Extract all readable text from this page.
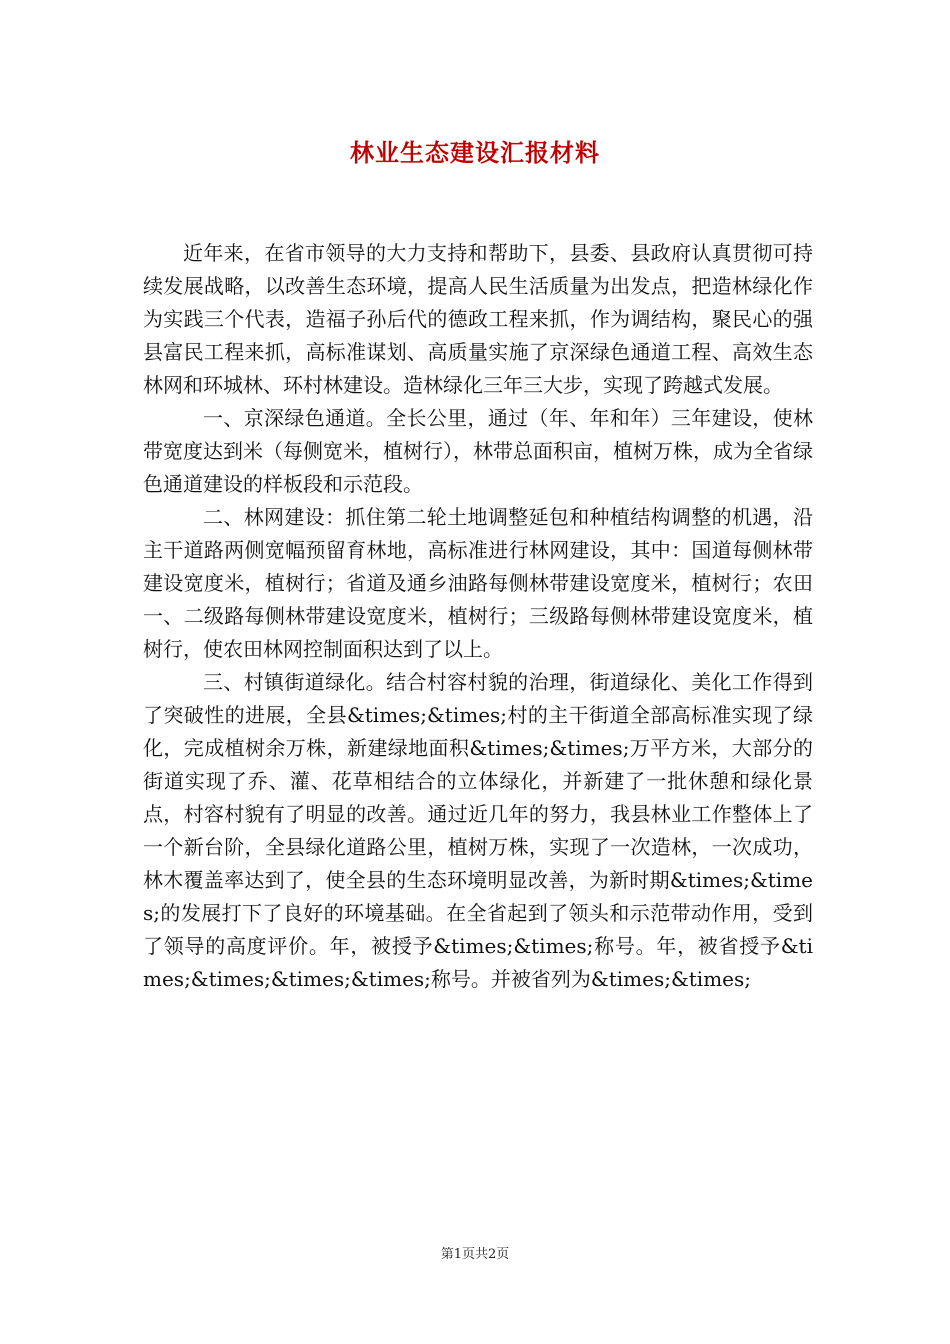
林业生态建设汇报材料

近年来，在省市领导的大力支持和帮助下，县委、县政府认真贯彻可持续发展战略，以改善生态环境，提高人民生活质量为出发点，把造林绿化作为实践三个代表，造福子孙后代的德政工程来抓，作为调结构，聚民心的强县富民工程来抓，高标准谋划、高质量实施了京深绿色通道工程、高效生态林网和环城林、环村林建设。造林绿化三年三大步，实现了跨越式发展。

一、京深绿色通道。全长公里，通过（年、年和年）三年建设，使林带宽度达到米（每侧宽米，植树行），林带总面积亩，植树万株，成为全省绿色通道建设的样板段和示范段。

二、林网建设：抓住第二轮土地调整延包和种植结构调整的机遇，沿主干道路两侧宽幅预留育林地，高标准进行林网建设，其中：国道每侧林带建设宽度米，植树行；省道及通乡油路每侧林带建设宽度米，植树行；农田一、二级路每侧林带建设宽度米，植树行；三级路每侧林带建设宽度米，植树行，使农田林网控制面积达到了以上。

三、村镇街道绿化。结合村容村貌的治理，街道绿化、美化工作得到了突破性的进展，全县&times;&times;村的主干街道全部高标准实现了绿化，完成植树余万株，新建绿地面积&times;&times;万平方米，大部分的街道实现了乔、灌、花草相结合的立体绿化，并新建了一批休憩和绿化景点，村容村貌有了明显的改善。通过近几年的努力，我县林业工作整体上了一个新台阶，全县绿化道路公里，植树万株，实现了一次造林，一次成功，林木覆盖率达到了，使全县的生态环境明显改善，为新时期&times;&times;的发展打下了良好的环境基础。在全省起到了领头和示范带动作用，受到了领导的高度评价。年，被授予&times;&times;称号。年，被省授予&times;&times;&times;&times;称号。并被省列为&times;&times;

第1页共2页
